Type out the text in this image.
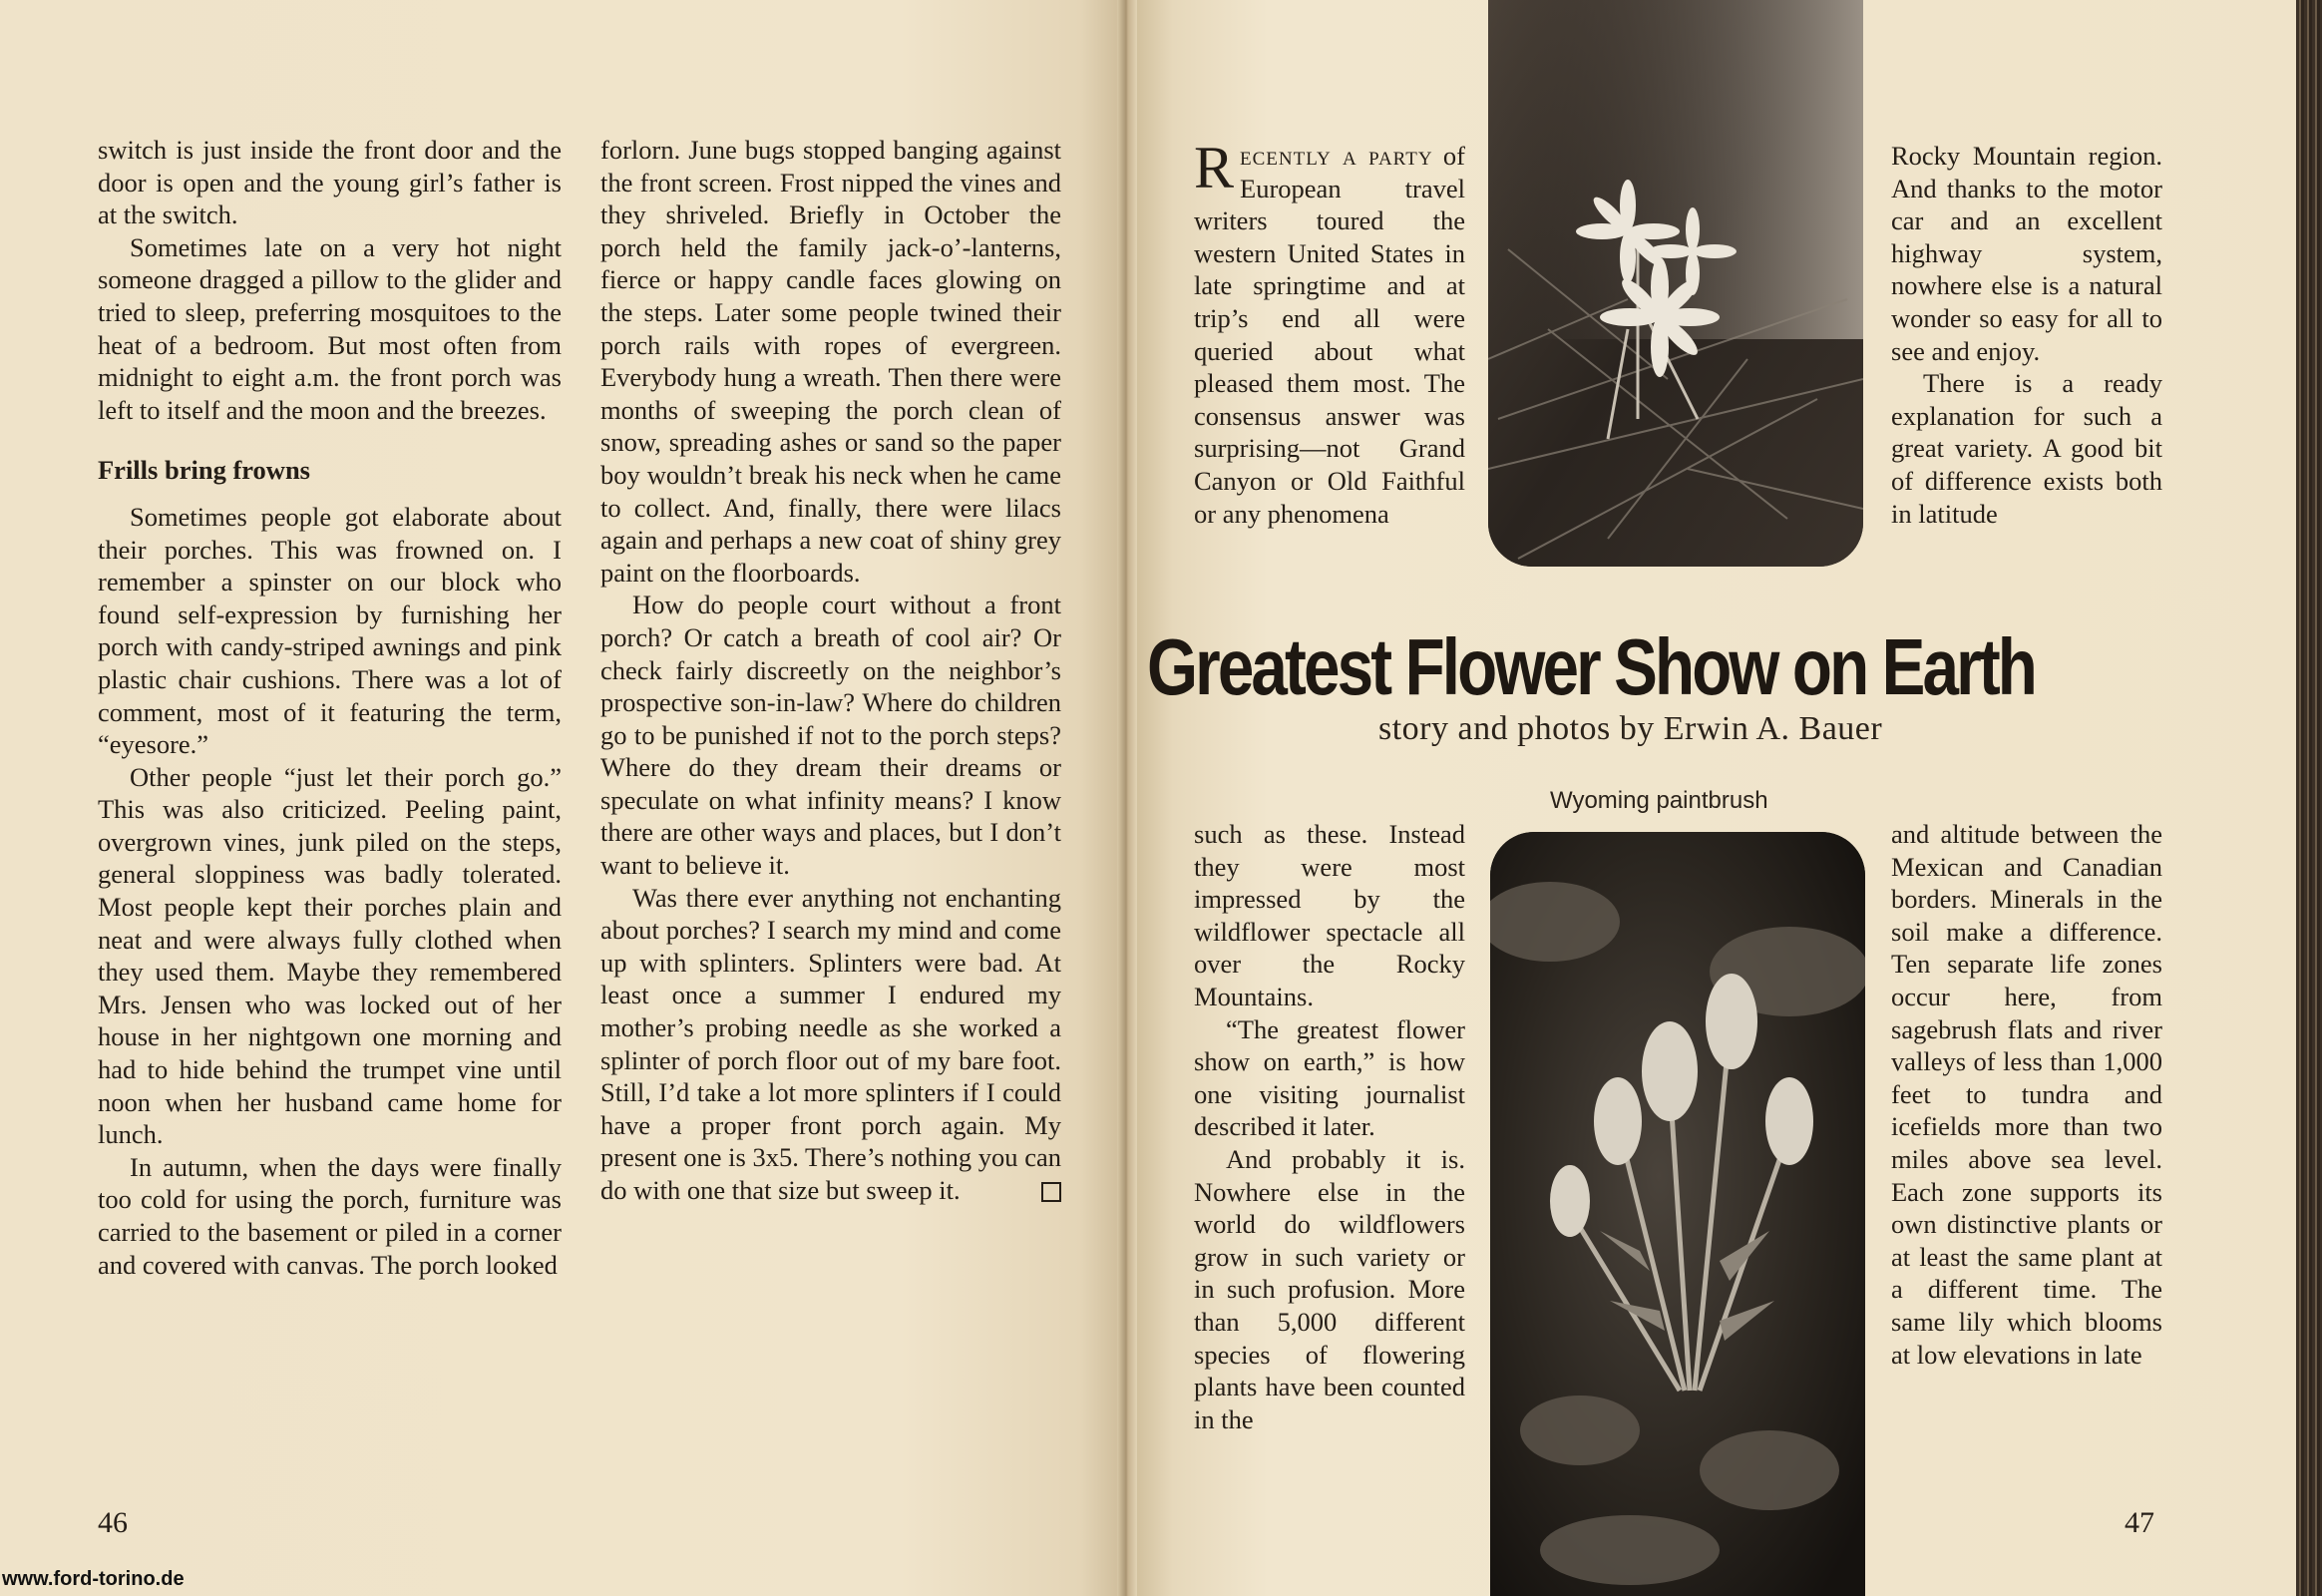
switch is just inside the front door and the door is open and the young girl’s father is at the switch.

Sometimes late on a very hot night someone dragged a pillow to the glider and tried to sleep, preferring mosquitoes to the heat of a bedroom. But most often from midnight to eight a.m. the front porch was left to itself and the moon and the breezes.

Frills bring frowns

Sometimes people got elaborate about their porches. This was frowned on. I remember a spinster on our block who found self-expression by furnishing her porch with candy-striped awnings and pink plastic chair cushions. There was a lot of comment, most of it featuring the term, “eyesore.”

Other people “just let their porch go.” This was also criticized. Peeling paint, overgrown vines, junk piled on the steps, general sloppiness was badly tolerated. Most people kept their porches plain and neat and were always fully clothed when they used them. Maybe they remembered Mrs. Jensen who was locked out of her house in her nightgown one morning and had to hide behind the trumpet vine until noon when her husband came home for lunch.

In autumn, when the days were finally too cold for using the porch, furniture was carried to the basement or piled in a corner and covered with canvas. The porch looked

forlorn. June bugs stopped banging against the front screen. Frost nipped the vines and they shriveled. Briefly in October the porch held the family jack-o’-lanterns, fierce or happy candle faces glowing on the steps. Later some people twined their porch rails with ropes of evergreen. Everybody hung a wreath. Then there were months of sweeping the porch clean of snow, spreading ashes or sand so the paper boy wouldn’t break his neck when he came to collect. And, finally, there were lilacs again and perhaps a new coat of shiny grey paint on the floorboards.

How do people court without a front porch? Or catch a breath of cool air? Or check fairly discreetly on the neighbor’s prospective son-in-law? Where do children go to be punished if not to the porch steps? Where do they dream their dreams or speculate on what infinity means? I know there are other ways and places, but I don’t want to believe it.

Was there ever anything not enchanting about porches? I search my mind and come up with splinters. Splinters were bad. At least once a summer I endured my mother’s probing needle as she worked a splinter of porch floor out of my bare foot. Still, I’d take a lot more splinters if I could have a proper front porch again. My present one is 3x5. There’s nothing you can do with one that size but sweep it.

46

Recently a party of European travel writers toured the western United States in late springtime and at trip’s end all were queried about what pleased them most. The consensus answer was surprising—not Grand Canyon or Old Faithful or any phenomena

Rocky Mountain region. And thanks to the motor car and an excellent highway system, nowhere else is a natural wonder so easy for all to see and enjoy.

There is a ready explanation for such a great variety. A good bit of difference exists both in latitude

Greatest Flower Show on Earth
story and photos by Erwin A. Bauer
Wyoming paintbrush

such as these. Instead they were most impressed by the wildflower spectacle all over the Rocky Mountains.

“The greatest flower show on earth,” is how one visiting journalist described it later.

And probably it is. Nowhere else in the world do wildflowers grow in such variety or in such profusion. More than 5,000 different species of flowering plants have been counted in the

and altitude between the Mexican and Canadian borders. Minerals in the soil make a difference. Ten separate life zones occur here, from sagebrush flats and river valleys of less than 1,000 feet to tundra and icefields more than two miles above sea level. Each zone supports its own distinctive plants or at least the same plant at a different time. The same lily which blooms at low elevations in late

47
www.ford-torino.de
